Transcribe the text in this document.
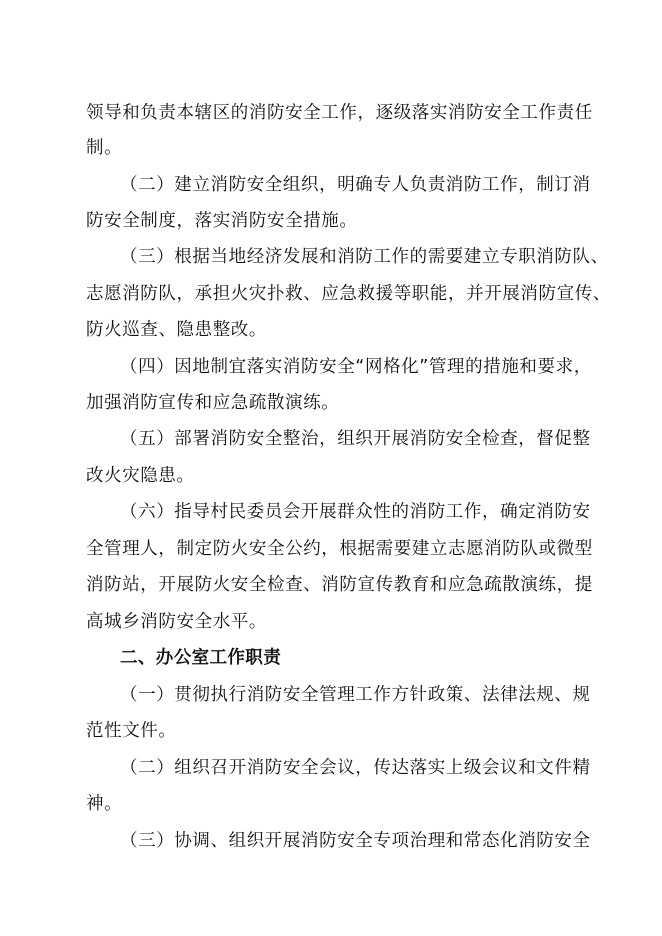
领导和负责本辖区的消防安全工作，逐级落实消防安全工作责任
制。
（二）建立消防安全组织，明确专人负责消防工作，制订消
防安全制度，落实消防安全措施。
（三）根据当地经济发展和消防工作的需要建立专职消防队、
志愿消防队，承担火灾扑救、应急救援等职能，并开展消防宣传、
防火巡查、隐患整改。
（四）因地制宜落实消防安全“网格化”管理的措施和要求，
加强消防宣传和应急疏散演练。
（五）部署消防安全整治，组织开展消防安全检查，督促整
改火灾隐患。
（六）指导村民委员会开展群众性的消防工作，确定消防安
全管理人，制定防火安全公约，根据需要建立志愿消防队或微型
消防站，开展防火安全检查、消防宣传教育和应急疏散演练，提
高城乡消防安全水平。
二、办公室工作职责
（一）贯彻执行消防安全管理工作方针政策、法律法规、规
范性文件。
（二）组织召开消防安全会议，传达落实上级会议和文件精
神。
（三）协调、组织开展消防安全专项治理和常态化消防安全
